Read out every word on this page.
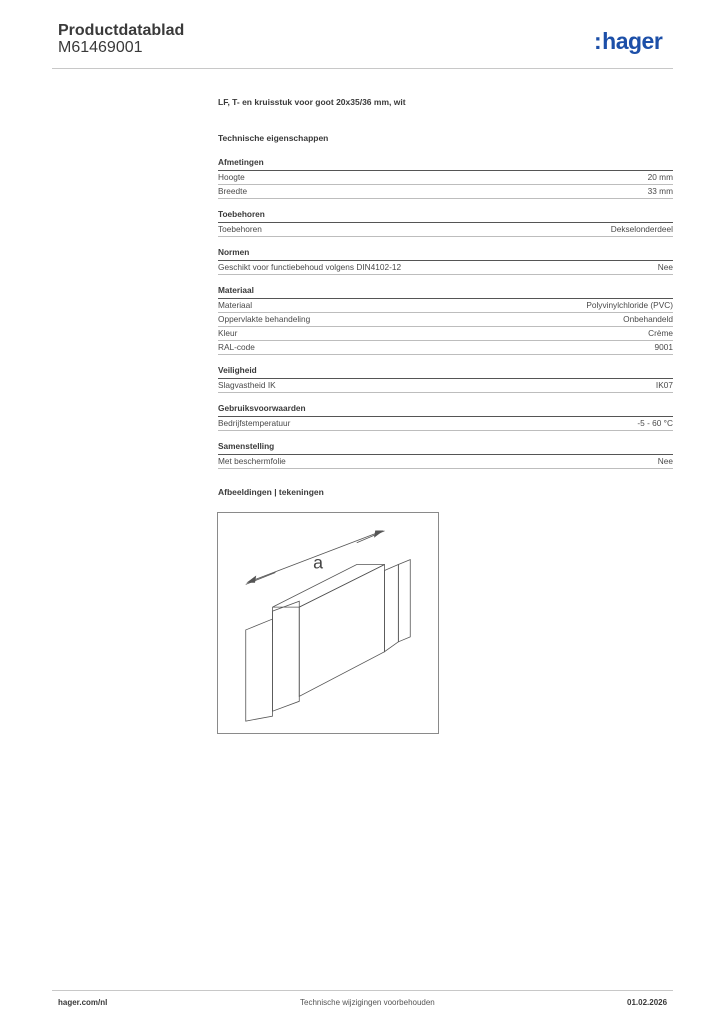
Productdatablad
M61469001	:hager
LF, T- en kruisstuk voor goot 20x35/36 mm, wit
Technische eigenschappen
Afmetingen
Hoogte	20 mm
Breedte	33 mm
Toebehoren
Toebehoren	Dekselonderdeel
Normen
Geschikt voor functiebehoud volgens DIN4102-12	Nee
Materiaal
Materiaal	Polyvinylchloride (PVC)
Oppervlakte behandeling	Onbehandeld
Kleur	Crème
RAL-code	9001
Veiligheid
Slagvastheid IK	IK07
Gebruiksvoorwaarden
Bedrijfstemperatuur	-5 - 60 °C
Samenstelling
Met beschermfolie	Nee
Afbeeldingen | tekeningen
a
hager.com/nl	Technische wijzigingen voorbehouden	01.02.2026
